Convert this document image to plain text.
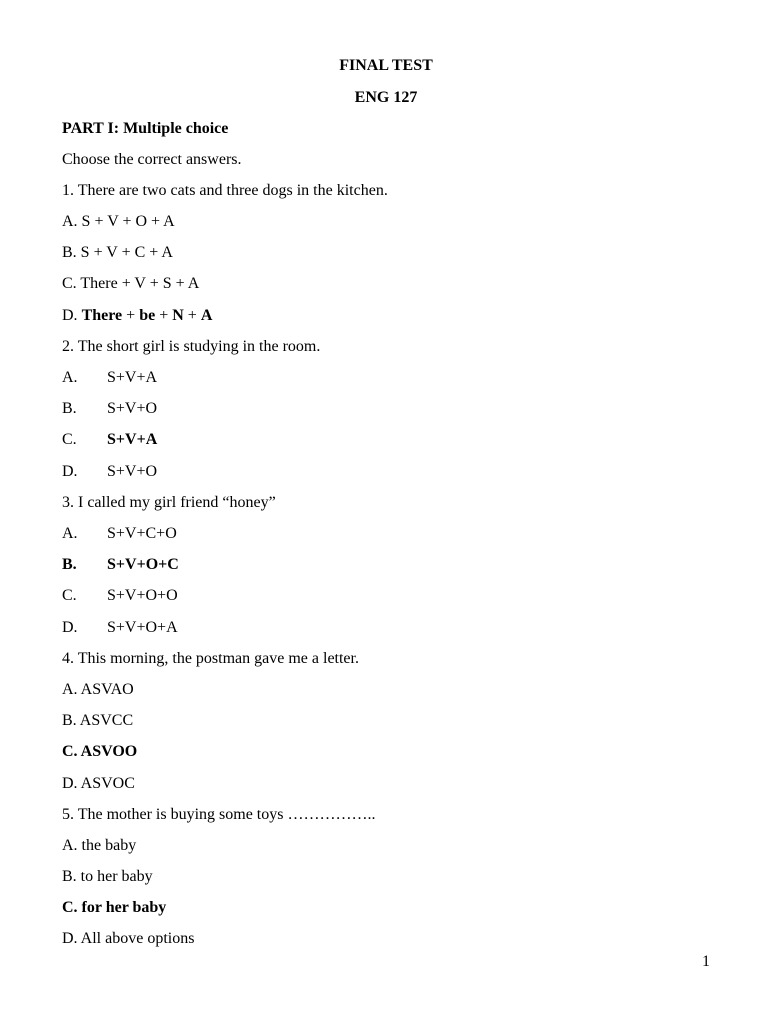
FINAL TEST
ENG 127
PART I: Multiple choice
Choose the correct answers.
1. There are two cats and three dogs in the kitchen.
A. S + V + O + A
B. S + V + C + A
C. There + V + S + A
D. There + be + N + A
2. The short girl is studying in the room.
A. S+V+A
B. S+V+O
C. S+V+A
D. S+V+O
3. I called my girl friend “honey”
A. S+V+C+O
B. S+V+O+C
C. S+V+O+O
D. S+V+O+A
4. This morning, the postman gave me a letter.
A. ASVAO
B. ASVCC
C. ASVOO
D. ASVOC
5. The mother is buying some toys ……………..
A. the baby
B. to her baby
C. for her baby
D. All above options
1
